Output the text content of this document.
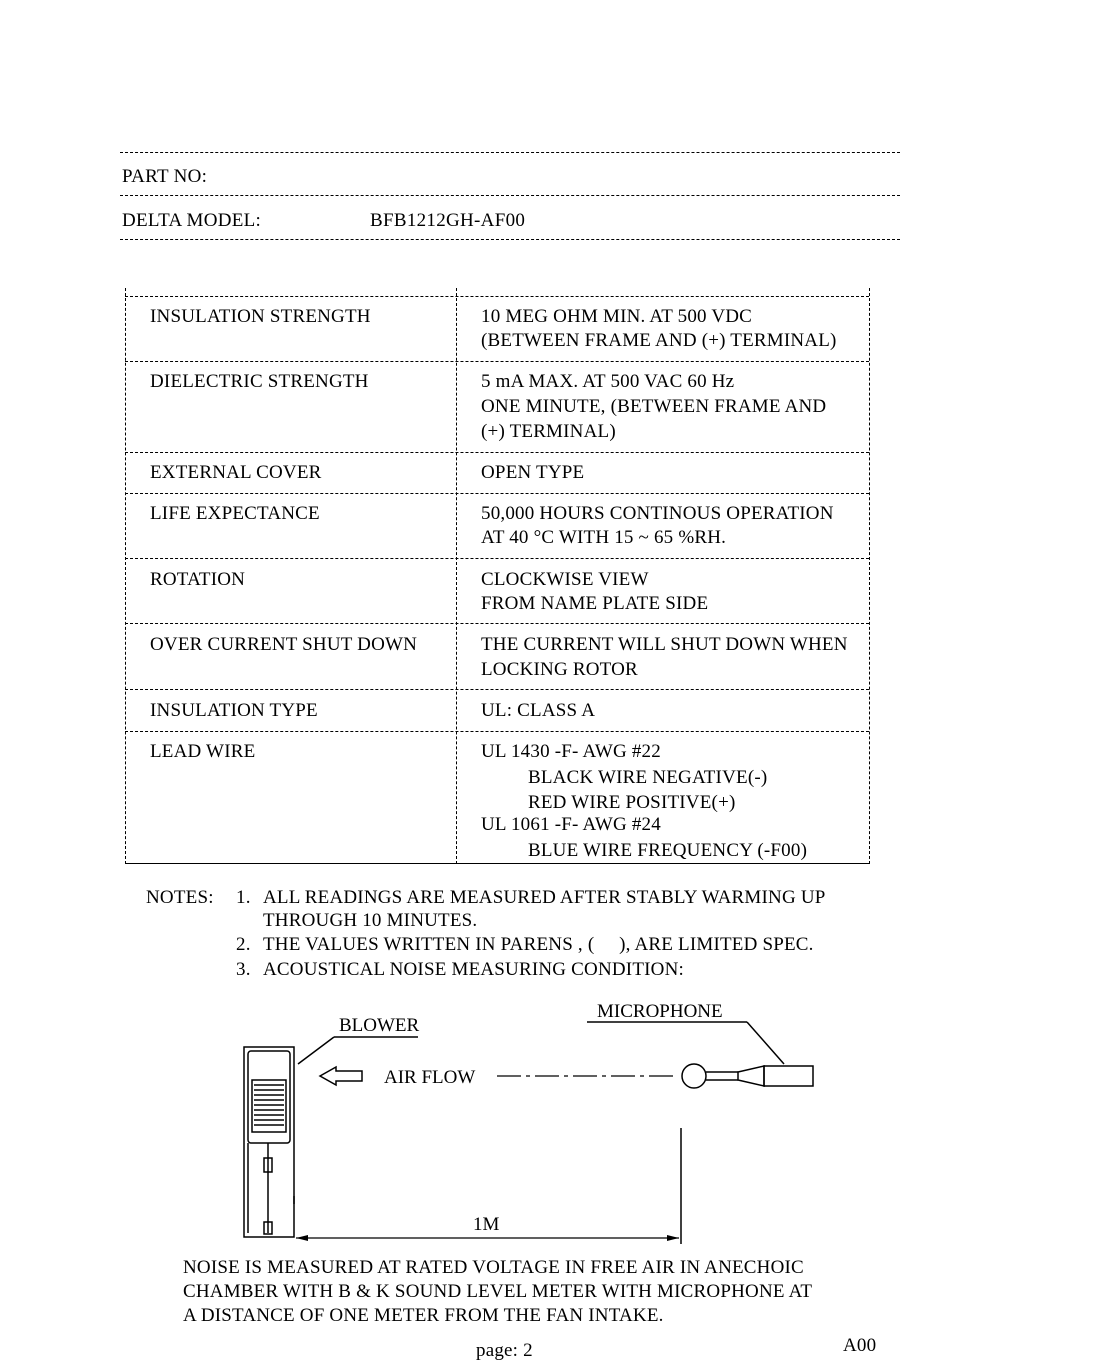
PART NO:
DELTA MODEL:	BFB1212GH-AF00
INSULATION STRENGTH	10 MEG OHM MIN. AT 500 VDC
(BETWEEN FRAME AND (+) TERMINAL)
DIELECTRIC STRENGTH	5 mA MAX. AT 500 VAC 60 Hz
ONE MINUTE, (BETWEEN FRAME AND
(+) TERMINAL)
EXTERNAL COVER	OPEN TYPE
LIFE EXPECTANCE	50,000 HOURS CONTINOUS OPERATION
AT 40 °C WITH 15 ~ 65 %RH.
ROTATION	CLOCKWISE VIEW
FROM NAME PLATE SIDE
OVER CURRENT SHUT DOWN	THE CURRENT WILL SHUT DOWN WHEN
LOCKING ROTOR
INSULATION TYPE	UL: CLASS A
LEAD WIRE	UL 1430 -F- AWG #22
BLACK WIRE NEGATIVE(-)
RED WIRE POSITIVE(+)
UL 1061 -F- AWG #24
BLUE WIRE FREQUENCY (-F00)
NOTES: 1. ALL READINGS ARE MEASURED AFTER STABLY WARMING UP
THROUGH 10 MINUTES.
2. THE VALUES WRITTEN IN PARENS , (     ), ARE LIMITED SPEC.
3. ACOUSTICAL NOISE MEASURING CONDITION:
BLOWER
AIR FLOW
MICROPHONE
1M
NOISE IS MEASURED AT RATED VOLTAGE IN FREE AIR IN ANECHOIC
CHAMBER WITH B & K SOUND LEVEL METER WITH MICROPHONE AT
A DISTANCE OF ONE METER FROM THE FAN INTAKE.
page: 2	A00
